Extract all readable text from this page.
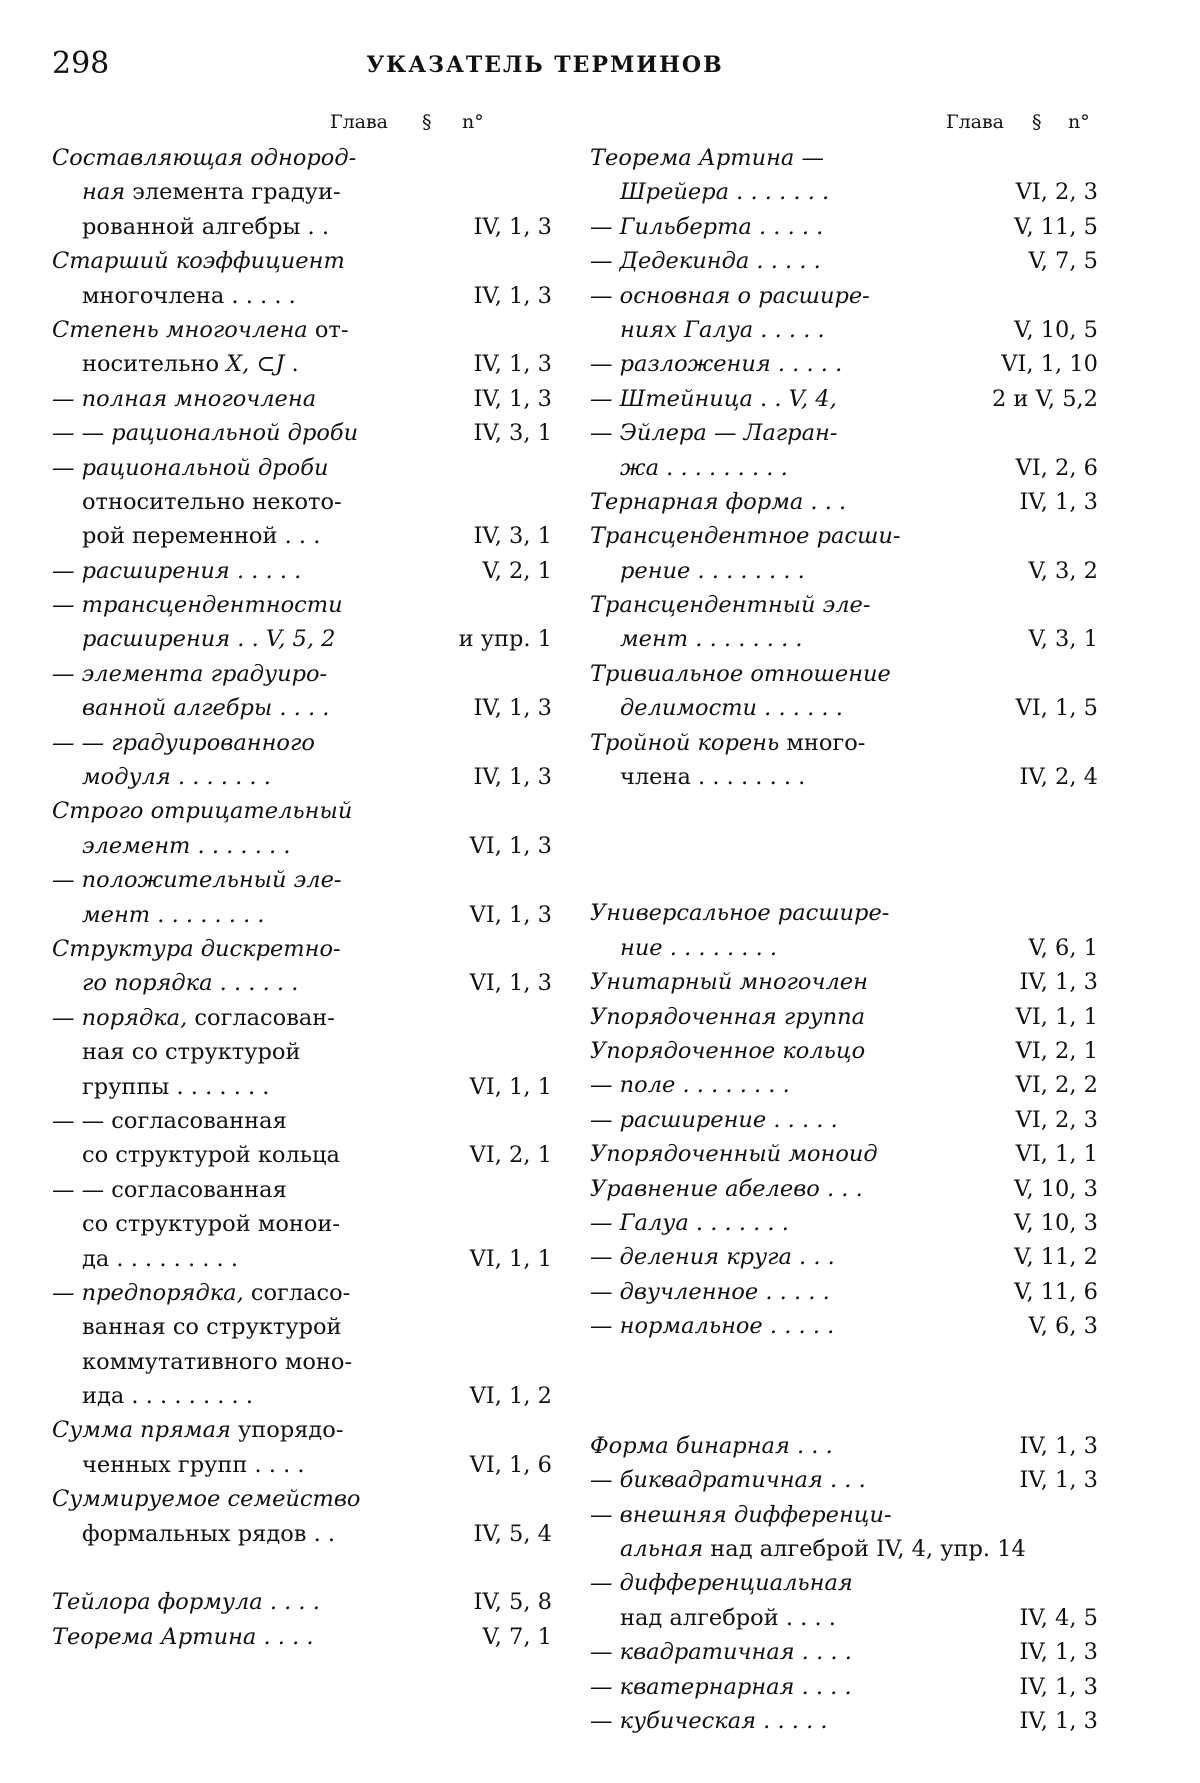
298	УКАЗАТЕЛЬ ТЕРМИНОВ
Глава § n°
Составляющая однород-
ная элемента градуи-
рованной алгебры . .	IV, 1, 3
Старший коэффициент
многочлена . . . . .	IV, 1, 3
Степень многочлена от-
носительно X, ⊂J .	IV, 1, 3
— полная многочлена	IV, 1, 3
— — рациональной дроби	IV, 3, 1
— рациональной дроби
относительно некото-
рой переменной . . .	IV, 3, 1
— расширения . . . . .	V, 2, 1
— трансцендентности
расширения . . V, 5, 2	и упр. 1
— элемента градуиро-
ванной алгебры . . . .	IV, 1, 3
— — градуированного
модуля . . . . . . .	IV, 1, 3
Строго отрицательный
элемент . . . . . . .	VI, 1, 3
— положительный эле-
мент . . . . . . . .	VI, 1, 3
Структура дискретно-
го порядка . . . . . .	VI, 1, 3
— порядка, согласован-
ная со структурой
группы . . . . . . .	VI, 1, 1
— — согласованная
со структурой кольца	VI, 2, 1
— — согласованная
со структурой монои-
да . . . . . . . . .	VI, 1, 1
— предпорядка, согласо-
ванная со структурой
коммутативного моно-
ида . . . . . . . . .	VI, 1, 2
Сумма прямая упорядо-
ченных групп . . . .	VI, 1, 6
Суммируемое семейство
формальных рядов . .	IV, 5, 4
Тейлора формула . . . .	IV, 5, 8
Теорема Артина . . . .	V, 7, 1
Глава § n°
Теорема Артина —
Шрейера . . . . . . .	VI, 2, 3
— Гильберта . . . . .	V, 11, 5
— Дедекинда . . . . .	V, 7, 5
— основная о расшире-
ниях Галуа . . . . .	V, 10, 5
— разложения . . . . .	VI, 1, 10
— Штейница . . V, 4,	2 и V, 5,2
— Эйлера — Лагран-
жа . . . . . . . . .	VI, 2, 6
Тернарная форма . . .	IV, 1, 3
Трансцендентное расши-
рение . . . . . . . .	V, 3, 2
Трансцендентный эле-
мент . . . . . . . .	V, 3, 1
Тривиальное отношение
делимости . . . . . .	VI, 1, 5
Тройной корень много-
члена . . . . . . . .	IV, 2, 4
Универсальное расшире-
ние . . . . . . . .	V, 6, 1
Унитарный многочлен	IV, 1, 3
Упорядоченная группа	VI, 1, 1
Упорядоченное кольцо	VI, 2, 1
— поле . . . . . . . .	VI, 2, 2
— расширение . . . . .	VI, 2, 3
Упорядоченный моноид	VI, 1, 1
Уравнение абелево . . .	V, 10, 3
— Галуа . . . . . . .	V, 10, 3
— деления круга . . .	V, 11, 2
— двучленное . . . . .	V, 11, 6
— нормальное . . . . .	V, 6, 3
Форма бинарная . . .	IV, 1, 3
— биквадратичная . . .	IV, 1, 3
— внешняя дифференци-
альная над алгеброй IV, 4, упр. 14
— дифференциальная
над алгеброй . . . .	IV, 4, 5
— квадратичная . . . .	IV, 1, 3
— кватернарная . . . .	IV, 1, 3
— кубическая . . . . .	IV, 1, 3
